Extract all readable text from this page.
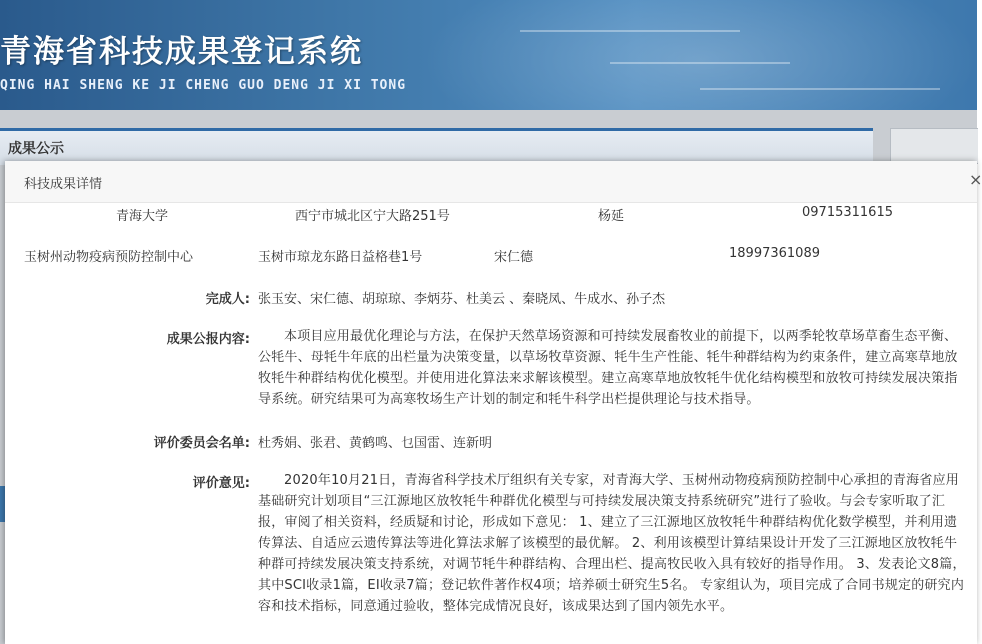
青海省科技成果登记系统
QING HAI SHENG KE JI CHENG GUO DENG JI XI TONG
成果公示
科技成果详情	×
青海大学	西宁市城北区宁大路251号	杨延	09715311615
玉树州动物疫病预防控制中心	玉树市琼龙东路日益格巷1号	宋仁德	18997361089
完成人: 张玉安、宋仁德、胡琼琼、李炳芬、杜美云 、秦晓凤、牛成水、孙子杰
成果公报内容:	本项目应用最优化理论与方法，在保护天然草场资源和可持续发展畜牧业的前提下，以两季轮牧草场草畜生态平衡、公牦牛、母牦牛年底的出栏量为决策变量，以草场牧草资源、牦牛生产性能、牦牛种群结构为约束条件，建立高寒草地放牧牦牛种群结构优化模型。并使用进化算法来求解该模型。建立高寒草地放牧牦牛优化结构模型和放牧可持续发展决策指导系统。研究结果可为高寒牧场生产计划的制定和牦牛科学出栏提供理论与技术指导。
评价委员会名单: 杜秀娟、张君、黄鹤鸣、乜国雷、连新明
评价意见:	2020年10月21日，青海省科学技术厅组织有关专家，对青海大学、玉树州动物疫病预防控制中心承担的青海省应用基础研究计划项目“三江源地区放牧牦牛种群优化模型与可持续发展决策支持系统研究”进行了验收。与会专家听取了汇报，审阅了相关资料，经质疑和讨论，形成如下意见： 1、建立了三江源地区放牧牦牛种群结构优化数学模型，并利用遗传算法、自适应云遗传算法等进化算法求解了该模型的最优解。 2、利用该模型计算结果设计开发了三江源地区放牧牦牛种群可持续发展决策支持系统，对调节牦牛种群结构、合理出栏、提高牧民收入具有较好的指导作用。 3、发表论文8篇，其中SCI收录1篇，EI收录7篇；登记软件著作权4项；培养硕士研究生5名。 专家组认为，项目完成了合同书规定的研究内容和技术指标，同意通过验收，整体完成情况良好，该成果达到了国内领先水平。
